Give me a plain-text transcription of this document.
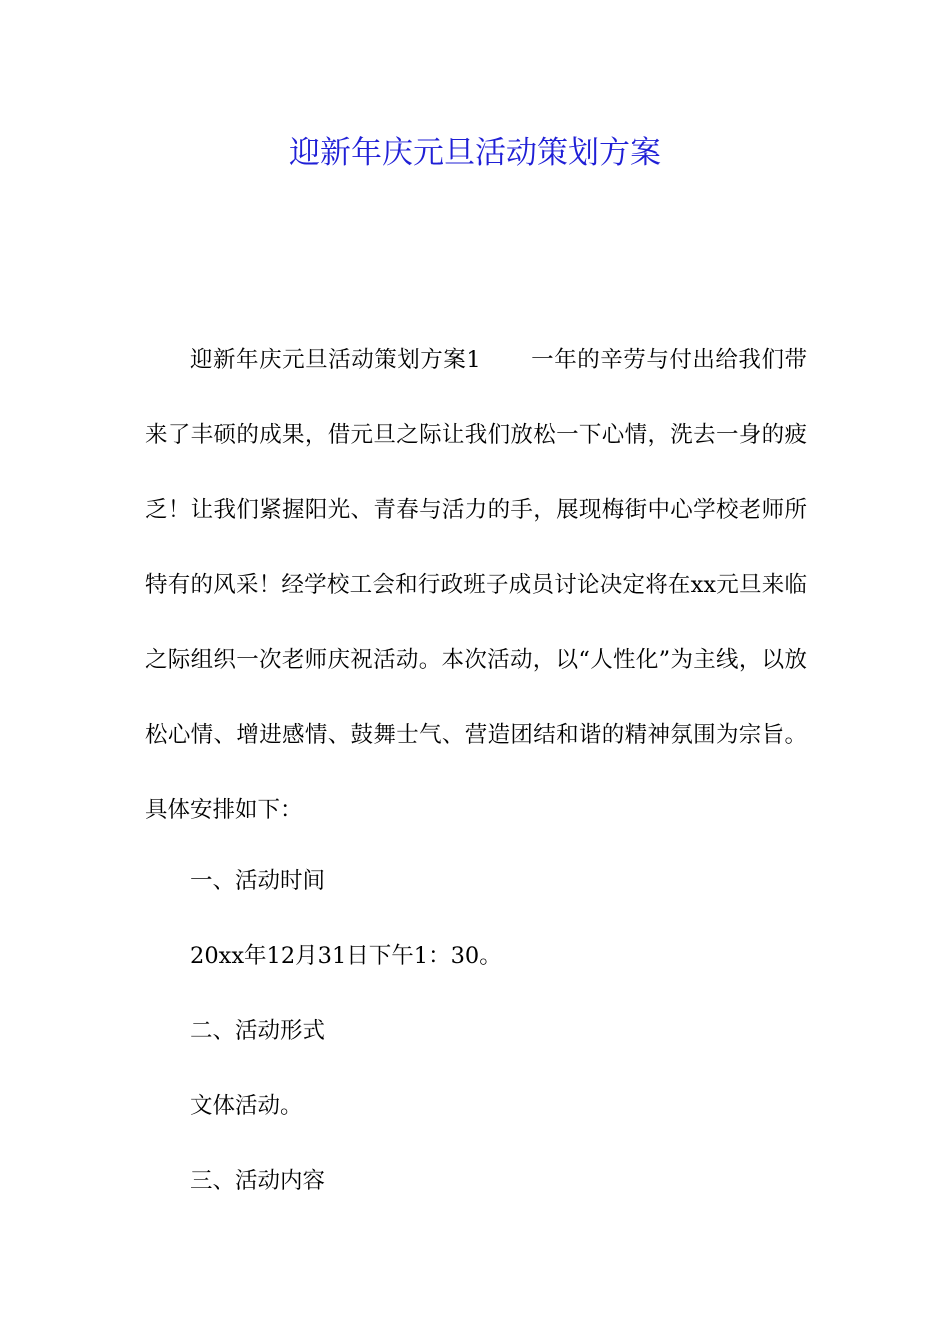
迎新年庆元旦活动策划方案

迎新年庆元旦活动策划方案1 一年的辛劳与付出给我们带来了丰硕的成果，借元旦之际让我们放松一下心情，洗去一身的疲乏！让我们紧握阳光、青春与活力的手，展现梅街中心学校老师所特有的风采！经学校工会和行政班子成员讨论决定将在xx元旦来临之际组织一次老师庆祝活动。本次活动，以“人性化”为主线，以放松心情、增进感情、鼓舞士气、营造团结和谐的精神氛围为宗旨。具体安排如下：

一、活动时间
20xx年12月31日下午1：30。
二、活动形式
文体活动。
三、活动内容
